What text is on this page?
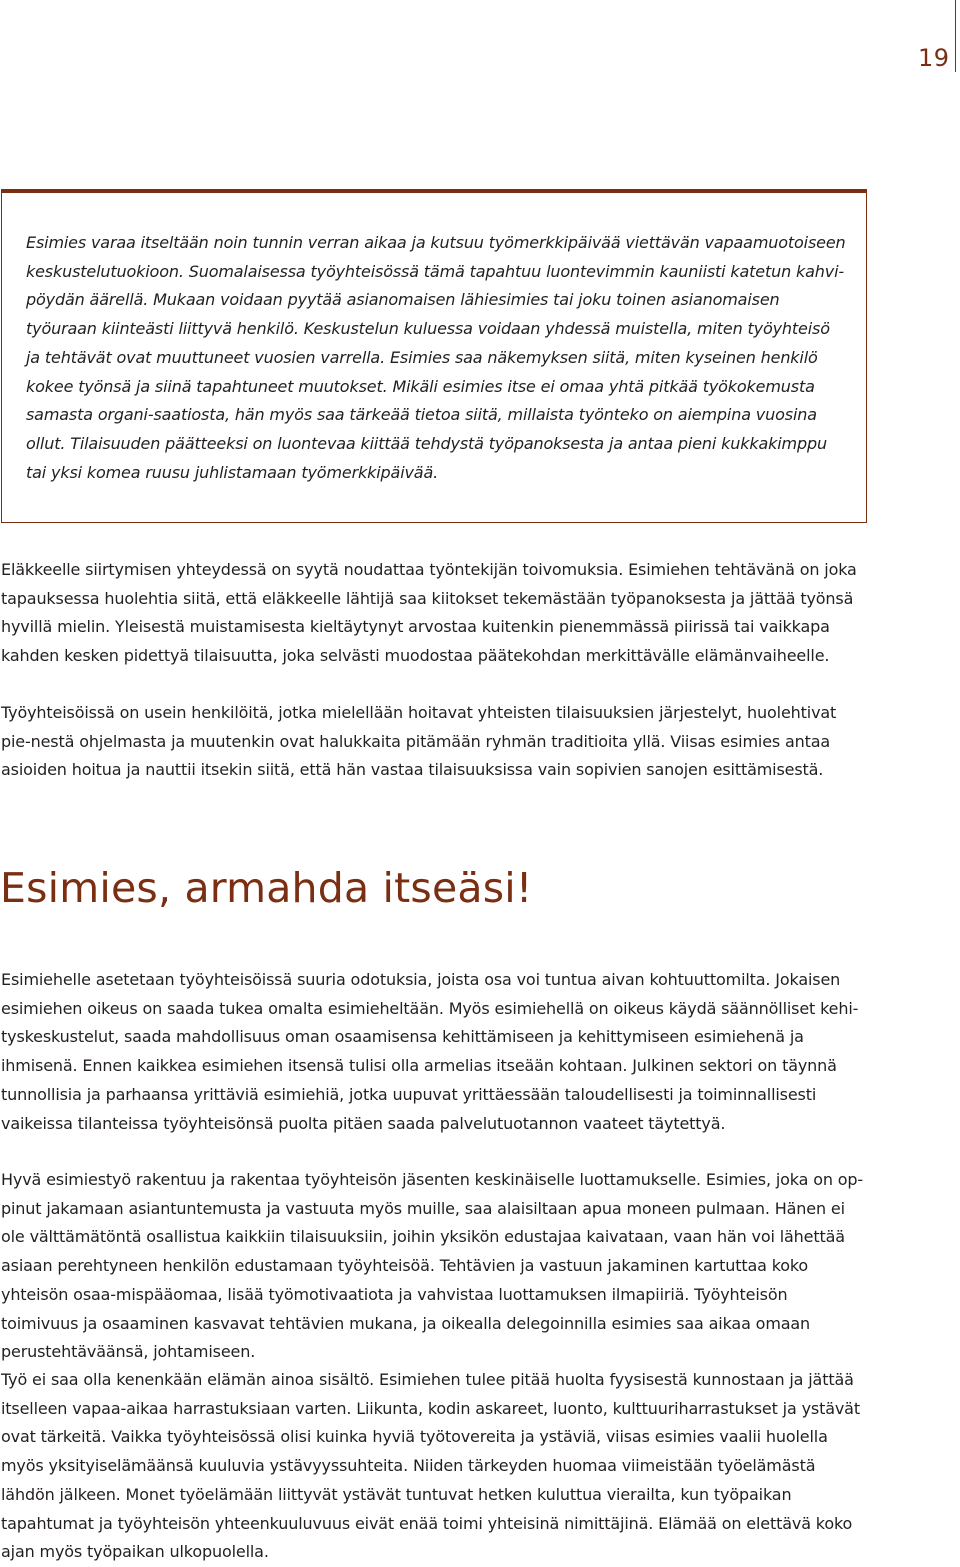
19

Esimies varaa itseltään noin tunnin verran aikaa ja kutsuu työmerkkipäivää viettävän vapaamuotoiseen keskustelutuokioon. Suomalaisessa työyhteisössä tämä tapahtuu luontevimmin kauniisti katetun kahvi-pöydän äärellä. Mukaan voidaan pyytää asianomaisen lähiesimies tai joku toinen asianomaisen työuraan kiinteästi liittyvä henkilö. Keskustelun kuluessa voidaan yhdessä muistella, miten työyhteisö ja tehtävät ovat muuttuneet vuosien varrella. Esimies saa näkemyksen siitä, miten kyseinen henkilö kokee työnsä ja siinä tapahtuneet muutokset. Mikäli esimies itse ei omaa yhtä pitkää työkokemusta samasta organi-saatiosta, hän myös saa tärkeää tietoa siitä, millaista työnteko on aiempina vuosina ollut. Tilaisuuden päätteeksi on luontevaa kiittää tehdystä työpanoksesta ja antaa pieni kukkakimppu tai yksi komea ruusu juhlistamaan työmerkkipäivää.

Eläkkeelle siirtymisen yhteydessä on syytä noudattaa työntekijän toivomuksia. Esimiehen tehtävänä on joka tapauksessa huolehtia siitä, että eläkkeelle lähtijä saa kiitokset tekemästään työpanoksesta ja jättää työnsä hyvillä mielin. Yleisestä muistamisesta kieltäytynyt arvostaa kuitenkin pienemmässä piirissä tai vaikkapa kahden kesken pidettyä tilaisuutta, joka selvästi muodostaa päätekohdan merkittävälle elämänvaiheelle.

Työyhteisöissä on usein henkilöitä, jotka mielellään hoitavat yhteisten tilaisuuksien järjestelyt, huolehtivat pie-nestä ohjelmasta ja muutenkin ovat halukkaita pitämään ryhmän traditioita yllä. Viisas esimies antaa asioiden hoitua ja nauttii itsekin siitä, että hän vastaa tilaisuuksissa vain sopivien sanojen esittämisestä.

Esimies, armahda itseäsi!

Esimiehelle asetetaan työyhteisöissä suuria odotuksia, joista osa voi tuntua aivan kohtuuttomilta. Jokaisen esimiehen oikeus on saada tukea omalta esimieheltään. Myös esimiehellä on oikeus käydä säännölliset kehi-tyskeskustelut, saada mahdollisuus oman osaamisensa kehittämiseen ja kehittymiseen esimiehenä ja ihmisenä. Ennen kaikkea esimiehen itsensä tulisi olla armelias itseään kohtaan. Julkinen sektori on täynnä tunnollisia ja parhaansa yrittäviä esimiehiä, jotka uupuvat yrittäessään taloudellisesti ja toiminnallisesti vaikeissa tilanteissa työyhteisönsä puolta pitäen saada palvelutuotannon vaateet täytettyä.

Hyvä esimiestyö rakentuu ja rakentaa työyhteisön jäsenten keskinäiselle luottamukselle. Esimies, joka on op-pinut jakamaan asiantuntemusta ja vastuuta myös muille, saa alaisiltaan apua moneen pulmaan. Hänen ei ole välttämätöntä osallistua kaikkiin tilaisuuksiin, joihin yksikön edustajaa kaivataan, vaan hän voi lähettää asiaan perehtyneen henkilön edustamaan työyhteisöä. Tehtävien ja vastuun jakaminen kartuttaa koko yhteisön osaa-mispääomaa, lisää työmotivaatiota ja vahvistaa luottamuksen ilmapiiriä. Työyhteisön toimivuus ja osaaminen kasvavat tehtävien mukana, ja oikealla delegoinnilla esimies saa aikaa omaan perustehtäväänsä, johtamiseen.

Työ ei saa olla kenenkään elämän ainoa sisältö. Esimiehen tulee pitää huolta fyysisestä kunnostaan ja jättää itselleen vapaa-aikaa harrastuksiaan varten. Liikunta, kodin askareet, luonto, kulttuuriharrastukset ja ystävät ovat tärkeitä. Vaikka työyhteisössä olisi kuinka hyviä työtovereita ja ystäviä, viisas esimies vaalii huolella myös yksityiselämäänsä kuuluvia ystävyyssuhteita. Niiden tärkeyden huomaa viimeistään työelämästä lähdön jälkeen. Monet työelämään liittyvät ystävät tuntuvat hetken kuluttua vierailta, kun työpaikan tapahtumat ja työyhteisön yhteenkuuluvuus eivät enää toimi yhteisinä nimittäjinä. Elämää on elettävä koko ajan myös työpaikan ulkopuolella.
